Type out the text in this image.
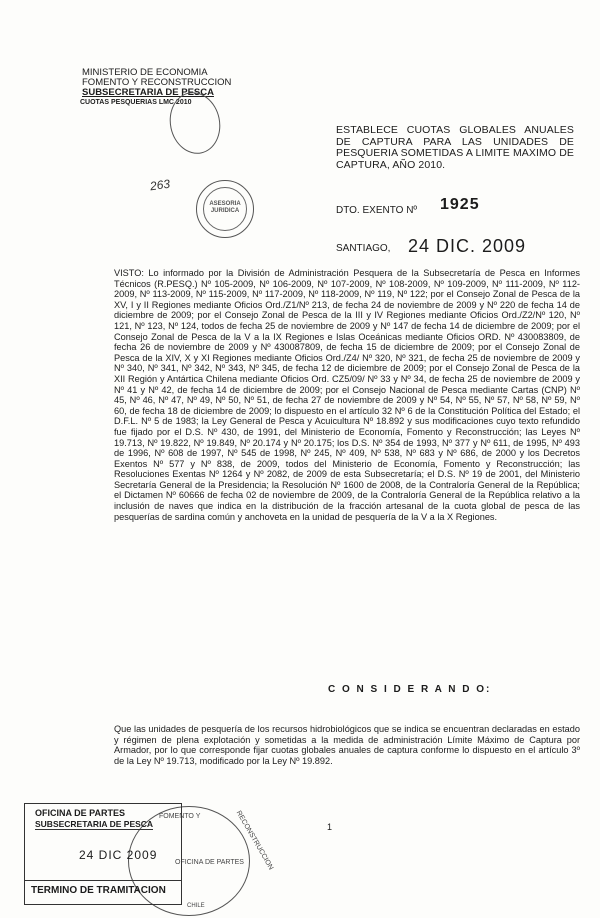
MINISTERIO DE ECONOMIA
FOMENTO Y RECONSTRUCCION
SUBSECRETARIA DE PESCA
CUOTAS PESQUERIAS LMC 2010

263
ASESORIA JURIDICA
ESTABLECE CUOTAS GLOBALES ANUALES DE CAPTURA PARA LAS UNIDADES DE PESQUERIA SOMETIDAS A LIMITE MAXIMO DE CAPTURA, AÑO 2010.
DTO. EXENTO Nº 1925
SANTIAGO, 24 DIC. 2009
VISTO: Lo informado por la División de Administración Pesquera de la Subsecretaría de Pesca en Informes Técnicos (R.PESQ.) Nº 105-2009, Nº 106-2009, Nº 107-2009, Nº 108-2009, Nº 109-2009, Nº 111-2009, Nº 112-2009, Nº 113-2009, Nº 115-2009, Nº 117-2009, Nº 118-2009, Nº 119, Nº 122; por el Consejo Zonal de Pesca de la XV, I y II Regiones mediante Oficios Ord./Z1/Nº 213, de fecha 24 de noviembre de 2009 y Nº 220 de fecha 14 de diciembre de 2009; por el Consejo Zonal de Pesca de la III y IV Regiones mediante Oficios Ord./Z2/Nº 120, Nº 121, Nº 123, Nº 124, todos de fecha 25 de noviembre de 2009 y Nº 147 de fecha 14 de diciembre de 2009; por el Consejo Zonal de Pesca de la V a la IX Regiones e Islas Oceánicas mediante Oficios ORD. Nº 430083809, de fecha 26 de noviembre de 2009 y Nº 430087809, de fecha 15 de diciembre de 2009; por el Consejo Zonal de Pesca de la XIV, X y XI Regiones mediante Oficios Ord./Z4/ Nº 320, Nº 321, de fecha 25 de noviembre de 2009 y Nº 340, Nº 341, Nº 342, Nº 343, Nº 345, de fecha 12 de diciembre de 2009; por el Consejo Zonal de Pesca de la XII Región y Antártica Chilena mediante Oficios Ord. CZ5/09/ Nº 33 y Nº 34, de fecha 25 de noviembre de 2009 y Nº 41 y Nº 42, de fecha 14 de diciembre de 2009; por el Consejo Nacional de Pesca mediante Cartas (CNP) Nº 45, Nº 46, Nº 47, Nº 49, Nº 50, Nº 51, de fecha 27 de noviembre de 2009 y Nº 54, Nº 55, Nº 57, Nº 58, Nº 59, Nº 60, de fecha 18 de diciembre de 2009; lo dispuesto en el artículo 32 Nº 6 de la Constitución Política del Estado; el D.F.L. Nº 5 de 1983; la Ley General de Pesca y Acuicultura Nº 18.892 y sus modificaciones cuyo texto refundido fue fijado por el D.S. Nº 430, de 1991, del Ministerio de Economía, Fomento y Reconstrucción; las Leyes Nº 19.713, Nº 19.822, Nº 19.849, Nº 20.174 y Nº 20.175; los D.S. Nº 354 de 1993, Nº 377 y Nº 611, de 1995, Nº 493 de 1996, Nº 608 de 1997, Nº 545 de 1998, Nº 245, Nº 409, Nº 538, Nº 683 y Nº 686, de 2000 y los Decretos Exentos Nº 577 y Nº 838, de 2009, todos del Ministerio de Economía, Fomento y Reconstrucción; las Resoluciones Exentas Nº 1264 y Nº 2082, de 2009 de esta Subsecretaría; el D.S. Nº 19 de 2001, del Ministerio Secretaría General de la Presidencia; la Resolución Nº 1600 de 2008, de la Contraloría General de la República; el Dictamen Nº 60666 de fecha 02 de noviembre de 2009, de la Contraloría General de la República relativo a la inclusión de naves que indica en la distribución de la fracción artesanal de la cuota global de pesca de las pesquerías de sardina común y anchoveta en la unidad de pesquería de la V a la X Regiones.
C O N S I D E R A N D O:
Que las unidades de pesquería de los recursos hidrobiológicos que se indica se encuentran declaradas en estado y régimen de plena explotación y sometidas a la medida de administración Límite Máximo de Captura por Armador, por lo que corresponde fijar cuotas globales anuales de captura conforme lo dispuesto en el artículo 3º de la Ley Nº 19.713, modificado por la Ley Nº 19.892.
1
FOMENTO Y	RECONSTRUCCION
OFICINA DE PARTES
CHILE
OFICINA DE PARTES
SUBSECRETARIA DE PESCA
24 DIC 2009
TERMINO DE TRAMITACION
